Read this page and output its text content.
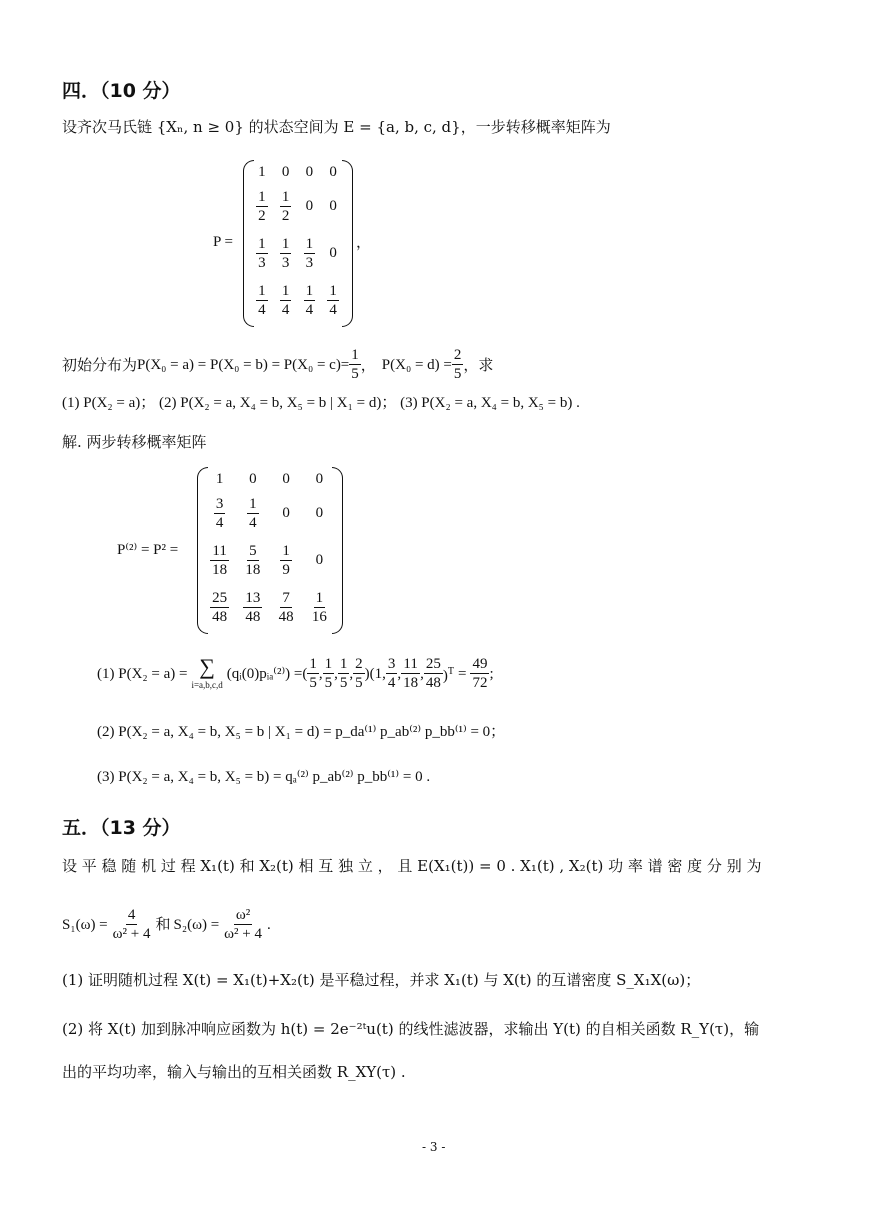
四．（10 分）
设齐次马氏链 {Xₙ, n ≥ 0} 的状态空间为 E = {a, b, c, d}，一步转移概率矩阵为
P =
1	0	0	0

$\frac{1}{2}$	$\frac{1}{2}$	0	0

$\frac{1}{3}$	$\frac{1}{3}$	$\frac{1}{3}$	0

$\frac{1}{4}$	$\frac{1}{4}$	$\frac{1}{4}$	$\frac{1}{4}$
，
初始分布为 $P(X_0 = a) = P(X_0 = b) = P(X_0 = c)= \frac{1}{5}$ ， $P(X_0 = d) = \frac{2}{5}$ ，求
(1) P(X₂ = a)； (2) P(X₂ = a, X₄ = b, X₅ = b | X₁ = d)； (3) P(X₂ = a, X₄ = b, X₅ = b) .
解. 两步转移概率矩阵
P⁽²⁾ = P² =
1	0	0	0

$\frac{3}{4}$	$\frac{1}{4}$	0	0

$\frac{11}{18}$	$\frac{5}{18}$	$\frac{1}{9}$	0

$\frac{25}{48}$	$\frac{13}{48}$	$\frac{7}{48}$	$\frac{1}{16}$
(1) P(X₂ = a) = ∑
i=a,b,c,d
(qᵢ(0)pᵢₐ⁽²⁾) = ( $\frac{1}{5}$ , $\frac{1}{5}$ , $\frac{1}{5}$ , $\frac{2}{5} )(1$, $\frac{3}{4}$ , $\frac{11}{18}$ , $\frac{25}{48} )^T = \frac{49}{72}$ ;
(2) P(X₂ = a, X₄ = b, X₅ = b | X₁ = d) = p_da⁽¹⁾ p_ab⁽²⁾ p_bb⁽¹⁾ = 0；
(3) P(X₂ = a, X₄ = b, X₅ = b) = qₐ⁽²⁾ p_ab⁽²⁾ p_bb⁽¹⁾ = 0 .
五．（13 分）
设 平 稳 随 机 过 程 X₁(t) 和 X₂(t) 相 互 独 立 ， 且 E(X₁(t)) = 0 . X₁(t) , X₂(t) 功 率 谱 密 度 分 别 为
$S_1(\omega) = \frac{4}{\text{ω² + 4}}$ 和 $S_2(\omega) = \frac{\text{ω²}}{\text{ω² + 4}}$ .
(1) 证明随机过程 X(t) = X₁(t)+X₂(t) 是平稳过程，并求 X₁(t) 与 X(t) 的互谱密度 S_X₁X(ω)；
(2) 将 X(t) 加到脉冲响应函数为 h(t) = 2e⁻²ᵗu(t) 的线性滤波器，求输出 Y(t) 的自相关函数 R_Y(τ)，输
出的平均功率，输入与输出的互相关函数 R_XY(τ) .
- 3 -
